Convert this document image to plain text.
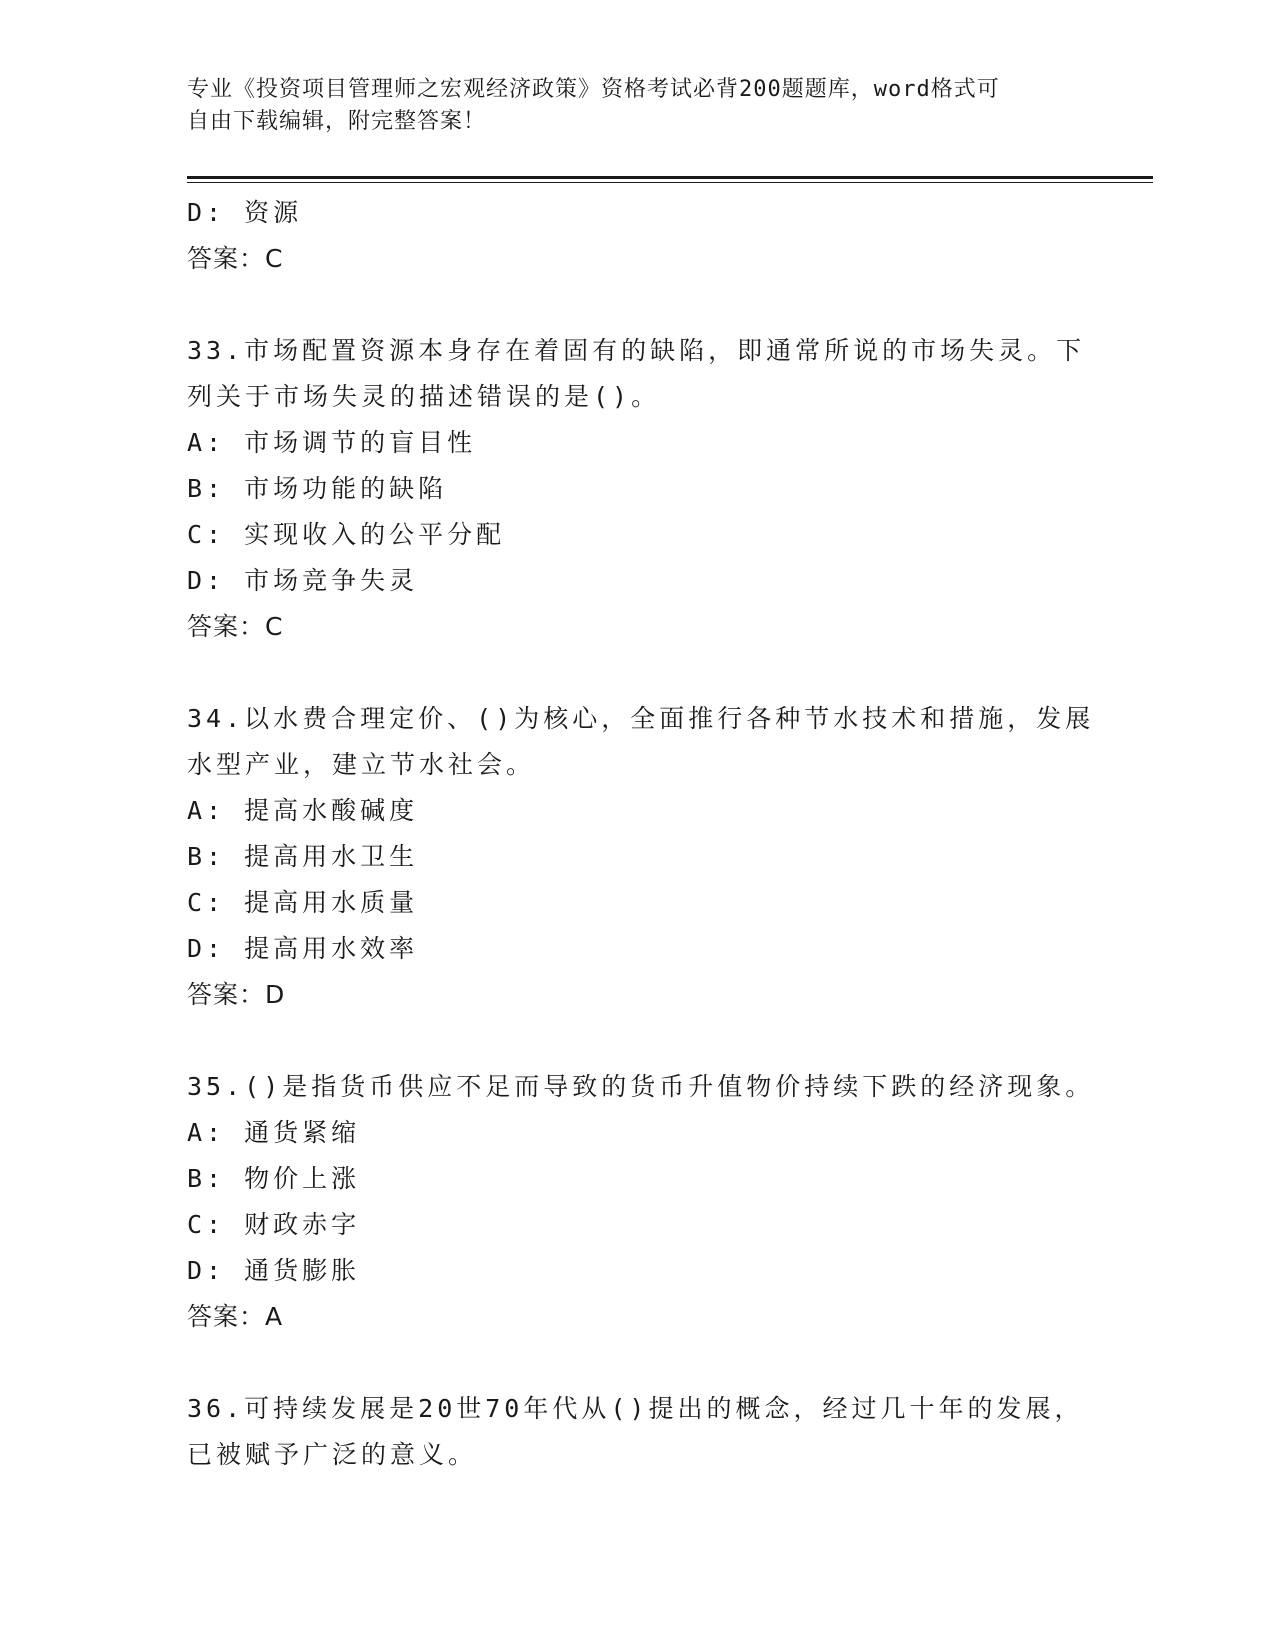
专业《投资项目管理师之宏观经济政策》资格考试必背200题题库，word格式可
自由下载编辑，附完整答案！
D: 资源
答案：C
33.市场配置资源本身存在着固有的缺陷，即通常所说的市场失灵。下
列关于市场失灵的描述错误的是()。
A: 市场调节的盲目性
B: 市场功能的缺陷
C: 实现收入的公平分配
D: 市场竞争失灵
答案：C
34.以水费合理定价、()为核心，全面推行各种节水技术和措施，发展
水型产业，建立节水社会。
A: 提高水酸碱度
B: 提高用水卫生
C: 提高用水质量
D: 提高用水效率
答案：D
35.()是指货币供应不足而导致的货币升值物价持续下跌的经济现象。
A: 通货紧缩
B: 物价上涨
C: 财政赤字
D: 通货膨胀
答案：A
36.可持续发展是20世70年代从()提出的概念，经过几十年的发展，
已被赋予广泛的意义。
